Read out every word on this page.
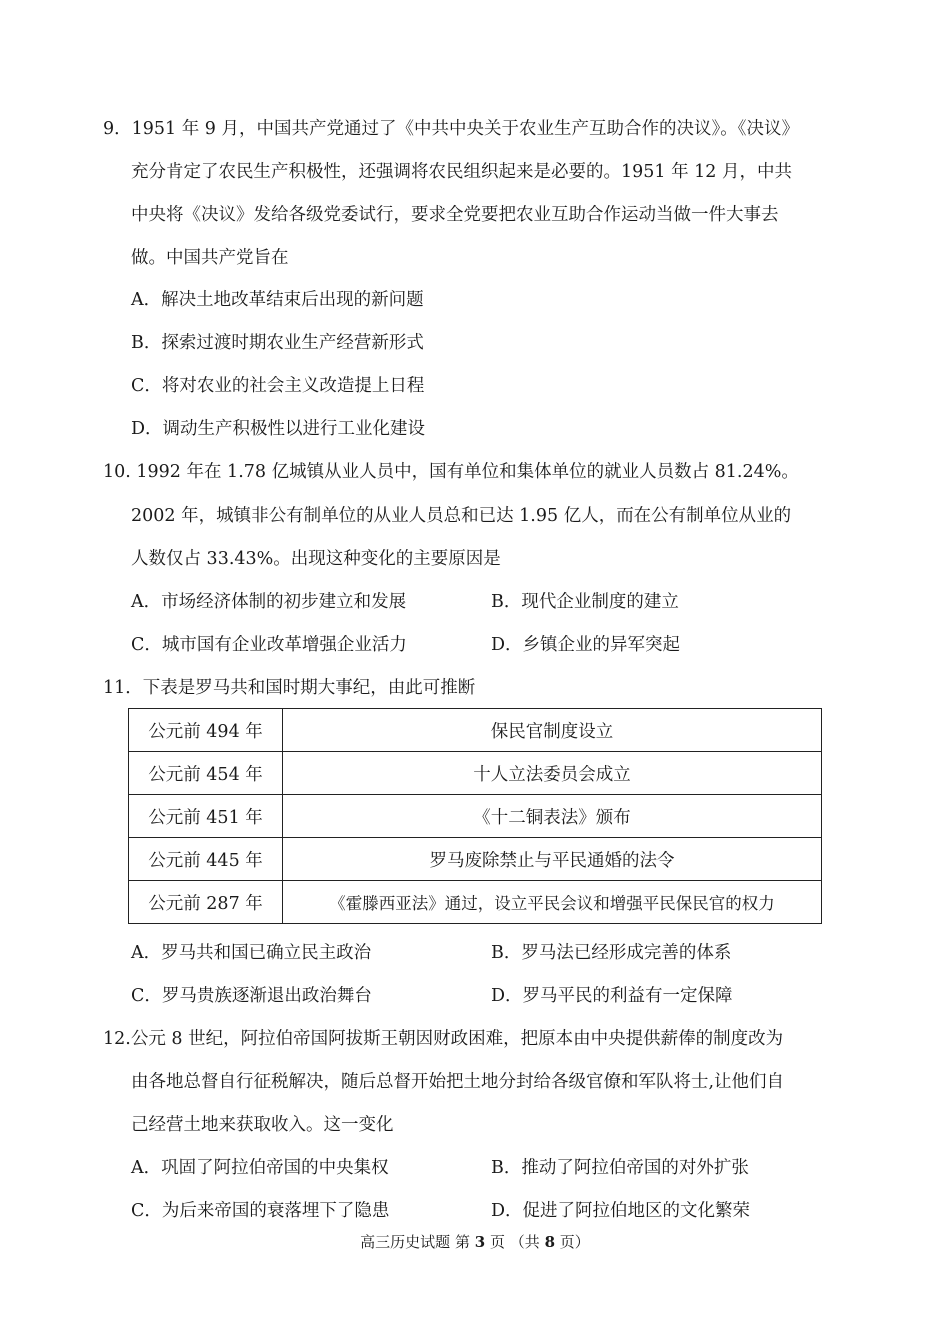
9．1951 年 9 月，中国共产党通过了《中共中央关于农业生产互助合作的决议》。《决议》
充分肯定了农民生产积极性，还强调将农民组织起来是必要的。1951 年 12 月，中共
中央将《决议》发给各级党委试行，要求全党要把农业互助合作运动当做一件大事去
做。中国共产党旨在
A．解决土地改革结束后出现的新问题
B．探索过渡时期农业生产经营新形式
C．将对农业的社会主义改造提上日程
D．调动生产积极性以进行工业化建设
10. 1992 年在 1.78 亿城镇从业人员中，国有单位和集体单位的就业人员数占 81.24%。
2002 年，城镇非公有制单位的从业人员总和已达 1.95 亿人，而在公有制单位从业的
人数仅占 33.43%。出现这种变化的主要原因是
A．市场经济体制的初步建立和发展	B．现代企业制度的建立
C．城市国有企业改革增强企业活力	D．乡镇企业的异军突起
11．下表是罗马共和国时期大事纪，由此可推断
公元前 494 年	保民官制度设立
公元前 454 年	十人立法委员会成立
公元前 451 年	《十二铜表法》颁布
公元前 445 年	罗马废除禁止与平民通婚的法令
公元前 287 年	《霍滕西亚法》通过，设立平民会议和增强平民保民官的权力
A．罗马共和国已确立民主政治	B．罗马法已经形成完善的体系
C．罗马贵族逐渐退出政治舞台	D．罗马平民的利益有一定保障
12.公元 8 世纪，阿拉伯帝国阿拔斯王朝因财政困难，把原本由中央提供薪俸的制度改为
由各地总督自行征税解决，随后总督开始把土地分封给各级官僚和军队将士,让他们自
己经营土地来获取收入。这一变化
A．巩固了阿拉伯帝国的中央集权	B．推动了阿拉伯帝国的对外扩张
C．为后来帝国的衰落埋下了隐患	D．促进了阿拉伯地区的文化繁荣
高三历史试题 第 3 页 （共 8 页）
